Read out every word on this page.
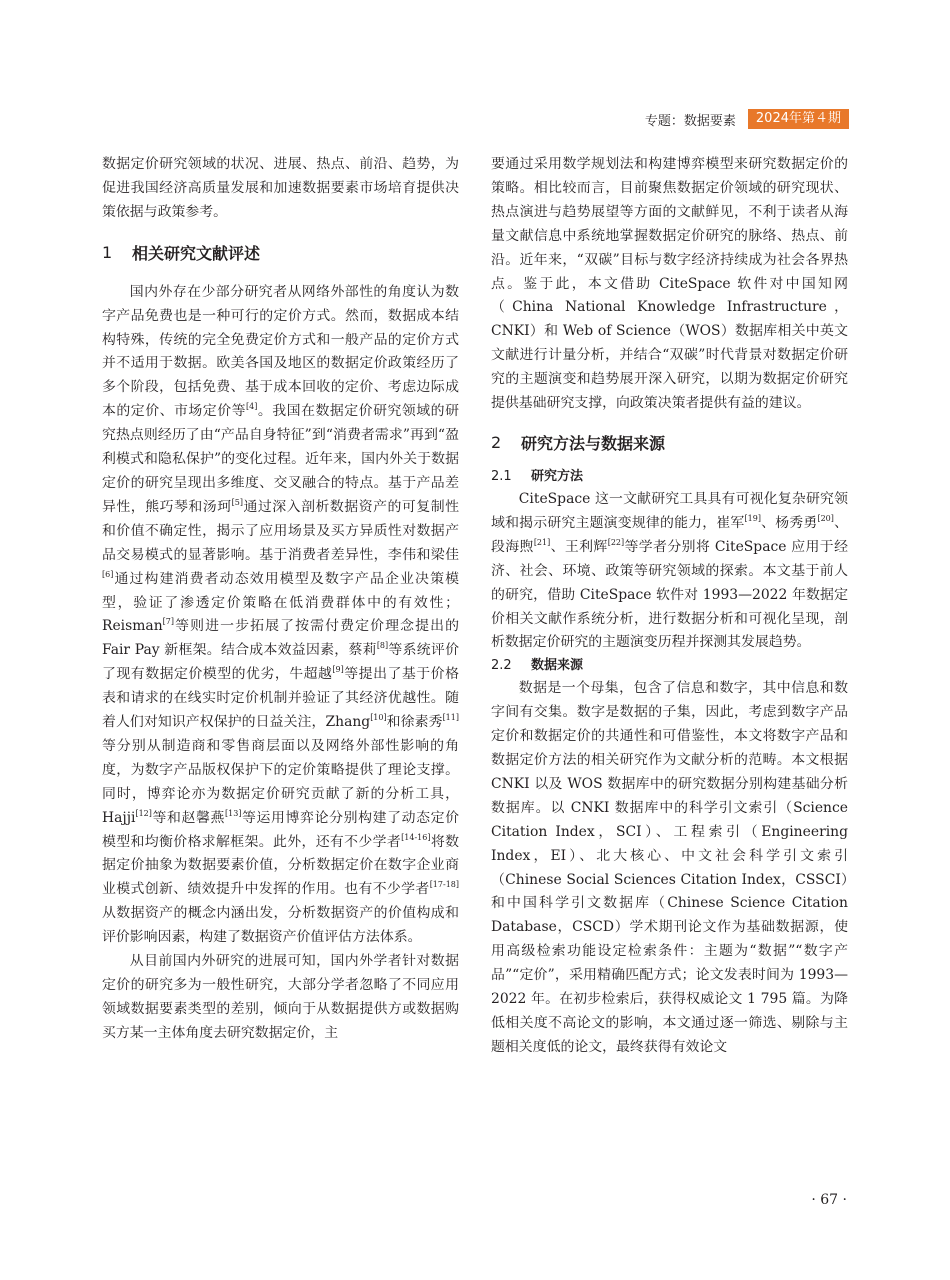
专题：数据要素	2024年第４期

数据定价研究领域的状况、进展、热点、前沿、趋势，为促进我国经济高质量发展和加速数据要素市场培育提供决策依据与政策参考。

1	相关研究文献评述

国内外存在少部分研究者从网络外部性的角度认为数字产品免费也是一种可行的定价方式。然而，数据成本结构特殊，传统的完全免费定价方式和一般产品的定价方式并不适用于数据。欧美各国及地区的数据定价政策经历了多个阶段，包括免费、基于成本回收的定价、考虑边际成本的定价、市场定价等[4]。我国在数据定价研究领域的研究热点则经历了由“产品自身特征”到“消费者需求”再到“盈利模式和隐私保护”的变化过程。近年来，国内外关于数据定价的研究呈现出多维度、交叉融合的特点。基于产品差异性，熊巧琴和汤珂[5]通过深入剖析数据资产的可复制性和价值不确定性，揭示了应用场景及买方异质性对数据产品交易模式的显著影响。基于消费者差异性，李伟和梁佳[6]通过构建消费者动态效用模型及数字产品企业决策模型，验证了渗透定价策略在低消费群体中的有效性；Reisman[7]等则进一步拓展了按需付费定价理念提出的 Fair Pay 新框架。结合成本效益因素，蔡莉[8]等系统评价了现有数据定价模型的优劣，牛超越[9]等提出了基于价格表和请求的在线实时定价机制并验证了其经济优越性。随着人们对知识产权保护的日益关注，Zhang[10]和徐素秀[11]等分别从制造商和零售商层面以及网络外部性影响的角度，为数字产品版权保护下的定价策略提供了理论支撑。同时，博弈论亦为数据定价研究贡献了新的分析工具，Hajji[12]等和赵馨燕[13]等运用博弈论分别构建了动态定价模型和均衡价格求解框架。此外，还有不少学者[14-16]将数据定价抽象为数据要素价值，分析数据定价在数字企业商业模式创新、绩效提升中发挥的作用。也有不少学者[17-18]从数据资产的概念内涵出发，分析数据资产的价值构成和评价影响因素，构建了数据资产价值评估方法体系。

从目前国内外研究的进展可知，国内外学者针对数据定价的研究多为一般性研究，大部分学者忽略了不同应用领域数据要素类型的差别，倾向于从数据提供方或数据购买方某一主体角度去研究数据定价，主

要通过采用数学规划法和构建博弈模型来研究数据定价的策略。相比较而言，目前聚焦数据定价领域的研究现状、热点演进与趋势展望等方面的文献鲜见，不利于读者从海量文献信息中系统地掌握数据定价研究的脉络、热点、前沿。近年来，“双碳”目标与数字经济持续成为社会各界热点。鉴于此，本文借助 CiteSpace 软件对中国知网（China National Knowledge Infrastructure，CNKI）和 Web of Science（WOS）数据库相关中英文文献进行计量分析，并结合“双碳”时代背景对数据定价研究的主题演变和趋势展开深入研究，以期为数据定价研究提供基础研究支撑，向政策决策者提供有益的建议。

2	研究方法与数据来源
2.1	研究方法

CiteSpace 这一文献研究工具具有可视化复杂研究领域和揭示研究主题演变规律的能力，崔军[19]、杨秀勇[20]、段海煦[21]、王利辉[22]等学者分别将 CiteSpace 应用于经济、社会、环境、政策等研究领域的探索。本文基于前人的研究，借助 CiteSpace 软件对 1993—2022 年数据定价相关文献作系统分析，进行数据分析和可视化呈现，剖析数据定价研究的主题演变历程并探测其发展趋势。

2.2	数据来源

数据是一个母集，包含了信息和数字，其中信息和数字间有交集。数字是数据的子集，因此，考虑到数字产品定价和数据定价的共通性和可借鉴性，本文将数字产品和数据定价方法的相关研究作为文献分析的范畴。本文根据 CNKI 以及 WOS 数据库中的研究数据分别构建基础分析数据库。以 CNKI 数据库中的科学引文索引（Science Citation Index，SCI）、工程索引（Engineering Index，EI）、北大核心、中文社会科学引文索引（Chinese Social Sciences Citation Index，CSSCI）和中国科学引文数据库（Chinese Science Citation Database，CSCD）学术期刊论文作为基础数据源，使用高级检索功能设定检索条件：主题为“数据”“数字产品”“定价”，采用精确匹配方式；论文发表时间为 1993—2022 年。在初步检索后，获得权威论文 1 795 篇。为降低相关度不高论文的影响，本文通过逐一筛选、剔除与主题相关度低的论文，最终获得有效论文

· 67 ·
